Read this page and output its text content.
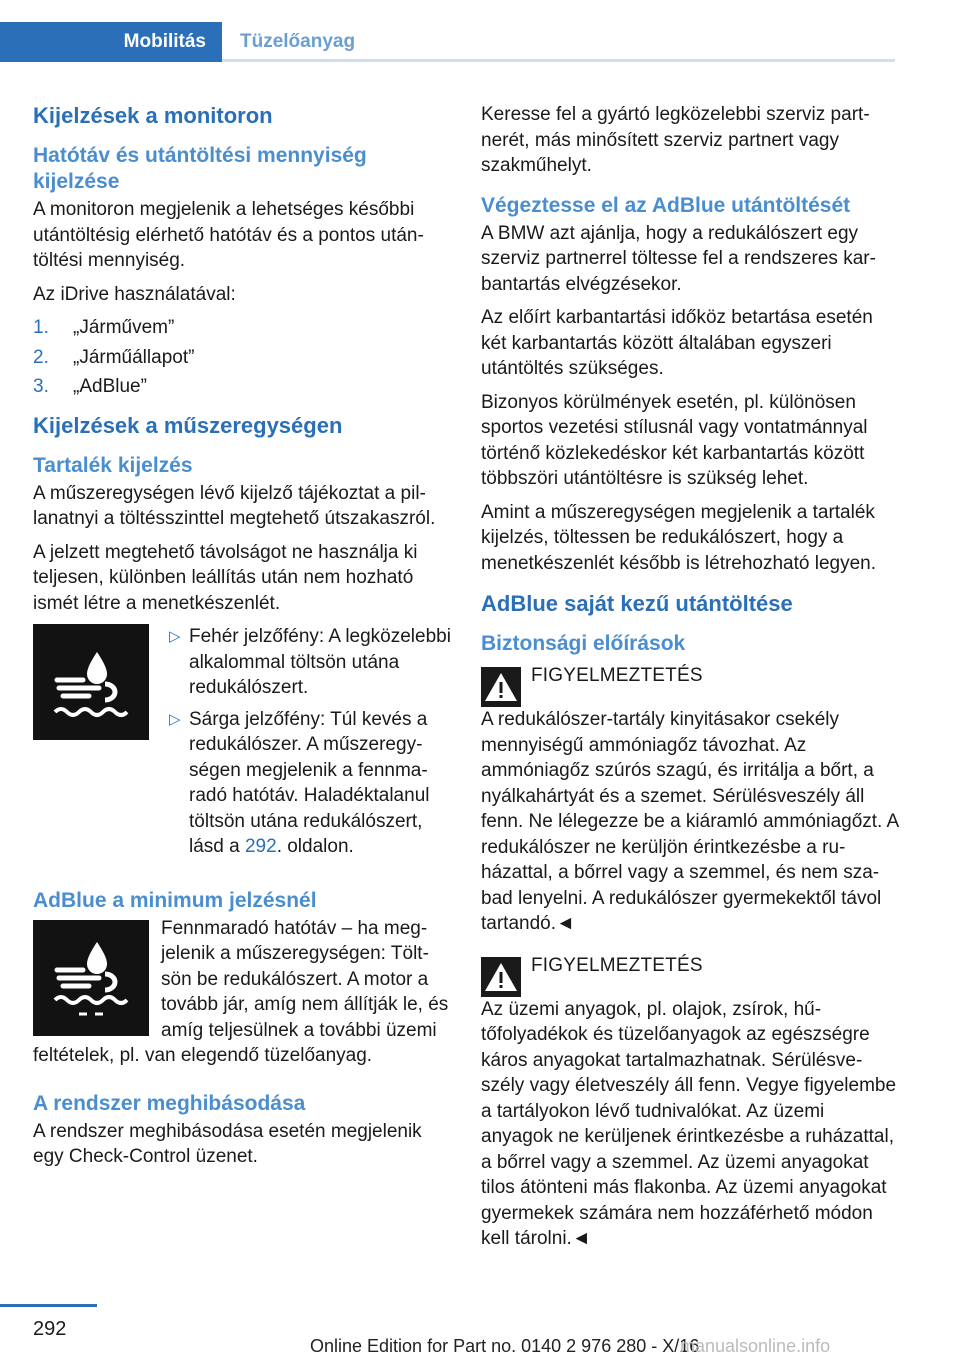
Mobilitás	Tüzelőanyag
Kijelzések a monitoron
Hatótáv és utántöltési mennyiség kijelzése
A monitoron megjelenik a lehetséges későbbi utántöltésig elérhető hatótáv és a pontos utántöltési mennyiség.
Az iDrive használatával:
1.	„Járművem”
2.	„Járműállapot”
3.	„AdBlue”
Kijelzések a műszeregységen
Tartalék kijelzés
A műszeregységen lévő kijelző tájékoztat a pillanatnyi a töltésszinttel megtehető útszakaszról.
A jelzett megtehető távolságot ne használja ki teljesen, különben leállítás után nem hozható ismét létre a menetkészenlét.
▷ Fehér jelzőfény: A legközelebbi alkalommal töltsön utána redukálószert.
▷ Sárga jelzőfény: Túl kevés a redukálószer. A műszeregységen megjelenik a fennmaradó hatótáv. Haladéktalanul töltsön utána redukálószert, lásd a 292. oldalon.
AdBlue a minimum jelzésnél
Fennmaradó hatótáv – ha megjelenik a műszeregységen: Töltsön be redukálószert. A motor a tovább jár, amíg nem állítják le, és amíg teljesülnek a további üzemi feltételek, pl. van elegendő tüzelőanyag.
A rendszer meghibásodása
A rendszer meghibásodása esetén megjelenik egy Check-Control üzenet.
Keresse fel a gyártó legközelebbi szerviz partnerét, más minősített szerviz partnert vagy szakműhelyt.
Végeztesse el az AdBlue utántöltését
A BMW azt ajánlja, hogy a redukálószert egy szerviz partnerrel töltesse fel a rendszeres karbantartás elvégzésekor.
Az előírt karbantartási időköz betartása esetén két karbantartás között általában egyszeri utántöltés szükséges.
Bizonyos körülmények esetén, pl. különösen sportos vezetési stílusnál vagy vontatmánnyal történő közlekedéskor két karbantartás között többszöri utántöltésre is szükség lehet.
Amint a műszeregységen megjelenik a tartalék kijelzés, töltessen be redukálószert, hogy a menetkészenlét később is létrehozható legyen.
AdBlue saját kezű utántöltése
Biztonsági előírások
FIGYELMEZTETÉS
A redukálószer-tartály kinyitásakor csekély mennyiségű ammóniagőz távozhat. Az ammóniagőz szúrós szagú, és irritálja a bőrt, a nyálkahártyát és a szemet. Sérülésveszély áll fenn. Ne lélegezze be a kiáramló ammóniagőzt. A redukálószer ne kerüljön érintkezésbe a ruházattal, a bőrrel vagy a szemmel, és nem szabad lenyelni. A redukálószer gyermekektől távol tartandó.◄
FIGYELMEZTETÉS
Az üzemi anyagok, pl. olajok, zsírok, hűtőfolyadékok és tüzelőanyagok az egészségre káros anyagokat tartalmazhatnak. Sérülésveszély vagy életveszély áll fenn. Vegye figyelembe a tartályokon lévő tudnivalókat. Az üzemi anyagok ne kerüljenek érintkezésbe a ruházattal, a bőrrel vagy a szemmel. Az üzemi anyagokat tilos átönteni más flakonba. Az üzemi anyagokat gyermekek számára nem hozzáférhető módon kell tárolni.◄
292
Online Edition for Part no. 0140 2 976 280 - X/16
manualsonline.info
